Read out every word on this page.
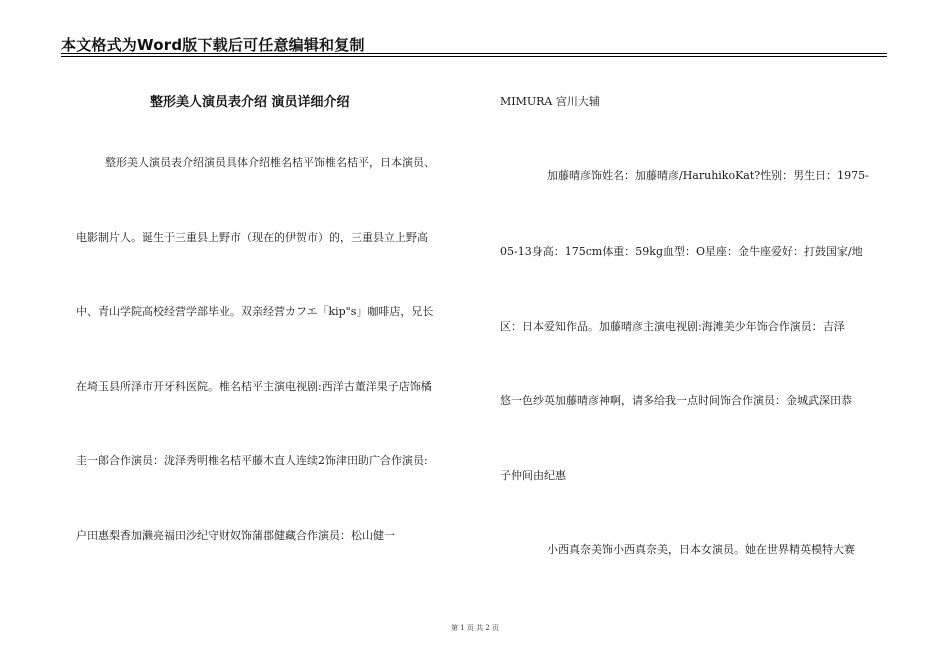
本文格式为Word版下载后可任意编辑和复制
整形美人演员表介绍 演员详细介绍
整形美人演员表介绍演员具体介绍椎名桔平饰椎名桔平，日本演员、
电影制片人。诞生于三重县上野市（现在的伊贺市）的，三重县立上野高
中、青山学院高校经营学部毕业。双亲经营カフエ「kip"s」咖啡店，兄长
在埼玉县所泽市开牙科医院。椎名桔平主演电视剧:西洋古董洋果子店饰橘
圭一郎合作演员：泷泽秀明椎名桔平藤木直人连续2饰津田助广合作演员:
户田惠梨香加濑亮福田沙纪守财奴饰蒲郡健藏合作演员：松山健一
MIMURA 宫川大辅
加藤晴彦饰姓名：加藤晴彦/HaruhikoKat?性别：男生日：1975-
05-13身高：175cm体重：59kg血型：O星座：金牛座爱好：打鼓国家/地
区：日本爱知作品。加藤晴彦主演电视剧:海滩美少年饰合作演员：吉泽
悠一色纱英加藤晴彦神啊，请多给我一点时间饰合作演员：金城武深田恭
子仲间由纪惠
小西真奈美饰小西真奈美，日本女演员。她在世界精英模特大赛
第 1 页 共 2 页
